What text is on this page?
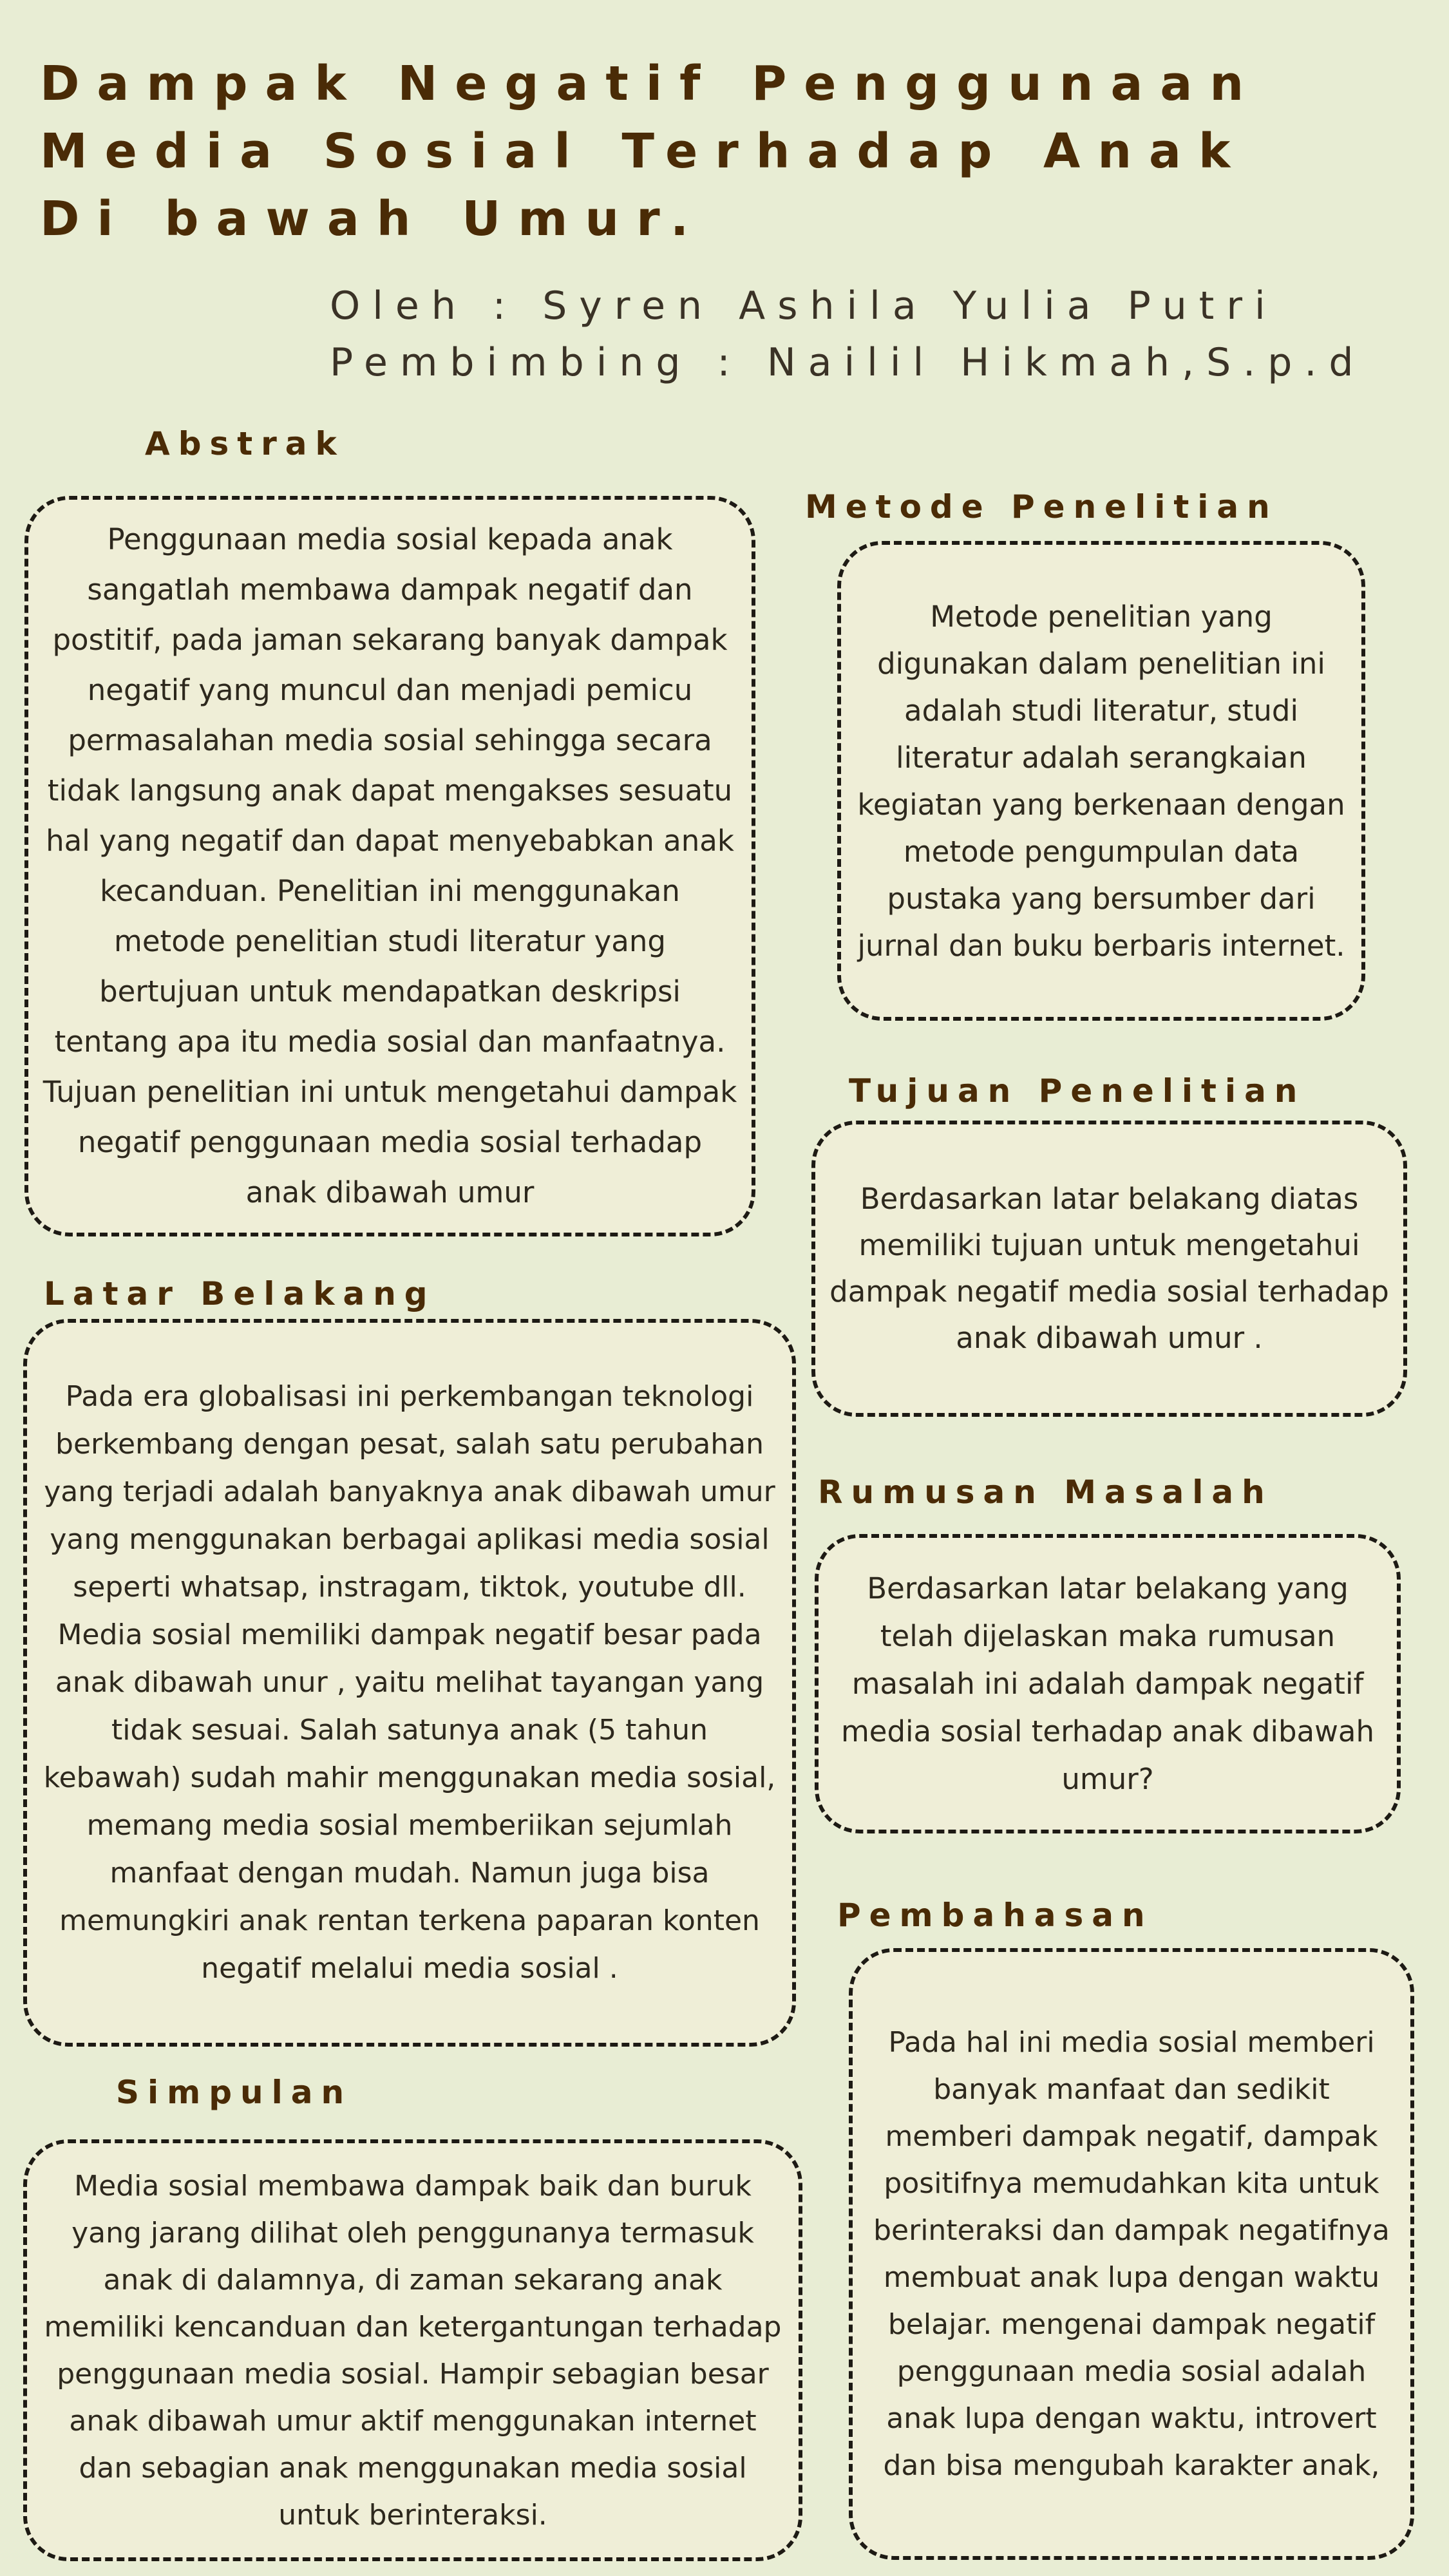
Dampak Negatif Penggunaan
Media Sosial Terhadap Anak
Di bawah Umur.
Oleh : Syren Ashila Yulia Putri
Pembimbing : Nailil Hikmah,S.p.d
Abstrak

Penggunaan media sosial kepada anak sangatlah membawa dampak negatif dan postitif, pada jaman sekarang banyak dampak negatif yang muncul dan menjadi pemicu permasalahan media sosial sehingga secara tidak langsung anak dapat mengakses sesuatu hal yang negatif dan dapat menyebabkan anak kecanduan. Penelitian ini menggunakan metode penelitian studi literatur yang bertujuan untuk mendapatkan deskripsi tentang apa itu media sosial dan manfaatnya. Tujuan penelitian ini untuk mengetahui dampak negatif penggunaan media sosial terhadap anak dibawah umur

Metode Penelitian

Metode penelitian yang digunakan dalam penelitian ini adalah studi literatur, studi literatur adalah serangkaian kegiatan yang berkenaan dengan metode pengumpulan data pustaka yang bersumber dari jurnal dan buku berbaris internet.

Tujuan Penelitian

Berdasarkan latar belakang diatas memiliki tujuan untuk mengetahui dampak negatif media sosial terhadap anak dibawah umur .

Latar Belakang

Pada era globalisasi ini perkembangan teknologi berkembang dengan pesat, salah satu perubahan yang terjadi adalah banyaknya anak dibawah umur yang menggunakan berbagai aplikasi media sosial seperti whatsap, instragam, tiktok, youtube dll. Media sosial memiliki dampak negatif besar pada anak dibawah unur , yaitu melihat tayangan yang tidak sesuai. Salah satunya anak (5 tahun kebawah) sudah mahir menggunakan media sosial, memang media sosial memberiikan sejumlah manfaat dengan mudah. Namun juga bisa memungkiri anak rentan terkena paparan konten negatif melalui media sosial .

Rumusan Masalah

Berdasarkan latar belakang yang telah dijelaskan maka rumusan masalah ini adalah dampak negatif media sosial terhadap anak dibawah umur?

Pembahasan

Pada hal ini media sosial memberi banyak manfaat dan sedikit memberi dampak negatif, dampak positifnya memudahkan kita untuk berinteraksi dan dampak negatifnya membuat anak lupa dengan waktu belajar. mengenai dampak negatif penggunaan media sosial adalah anak lupa dengan waktu, introvert dan bisa mengubah karakter anak,

Simpulan

Media sosial membawa dampak baik dan buruk yang jarang dilihat oleh penggunanya termasuk anak di dalamnya, di zaman sekarang anak memiliki kencanduan dan ketergantungan terhadap penggunaan media sosial. Hampir sebagian besar anak dibawah umur aktif menggunakan internet dan sebagian anak menggunakan media sosial untuk berinteraksi.
